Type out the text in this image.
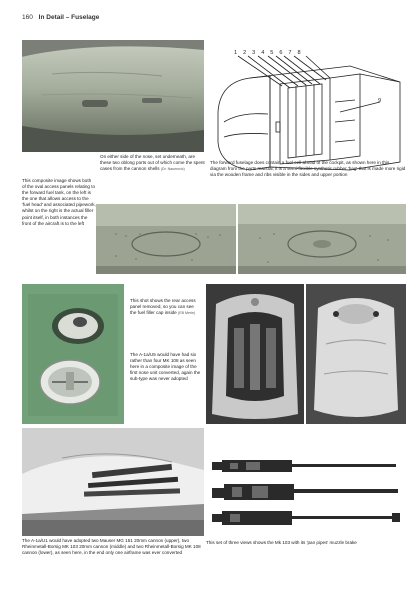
160 In Detail – Fuselage
On either side of the nose, set underneath, are these two oblong ports out of which come the spent cases from the cannon shells (Dr. Naumovic)
1 2 3 4 5 6 7 8
9
The forward fuselage does contain a fuel cell ahead of the cockpit, as shown here in this diagram from the parts manual; it is a semi-flexible synthetic rubber 'bag' that is made more rigid via the wooden frame and ribs visible in the sides and upper portion
This composite image shows both of the oval access panels relating to the forward fuel tank, on the left is the one that allows access to the 'fuel head' and associated pipework, whilst on the right is the actual filler point itself, in both instances the front of the aircraft is to the left
This shot shows the rear access panel removed, so you can see the fuel filler cap inside (EB Merle)
The A-1a/U5 would have had six rather than four MK 108 as seen here in a composite image of the first nose unit converted, again the sub-type was never adopted
The A-1a/U1 would have adopted two Mauser MG 151 20mm cannon (upper), two Rheinmetall-Borsig MK 103 20mm cannon (middle) and two Rheinmetall-Borsig MK 108 cannon (lower), as seen here, in the end only one airframe was ever converted
This set of three views shows the Mk 103 with its 'pan pipes' muzzle brake
